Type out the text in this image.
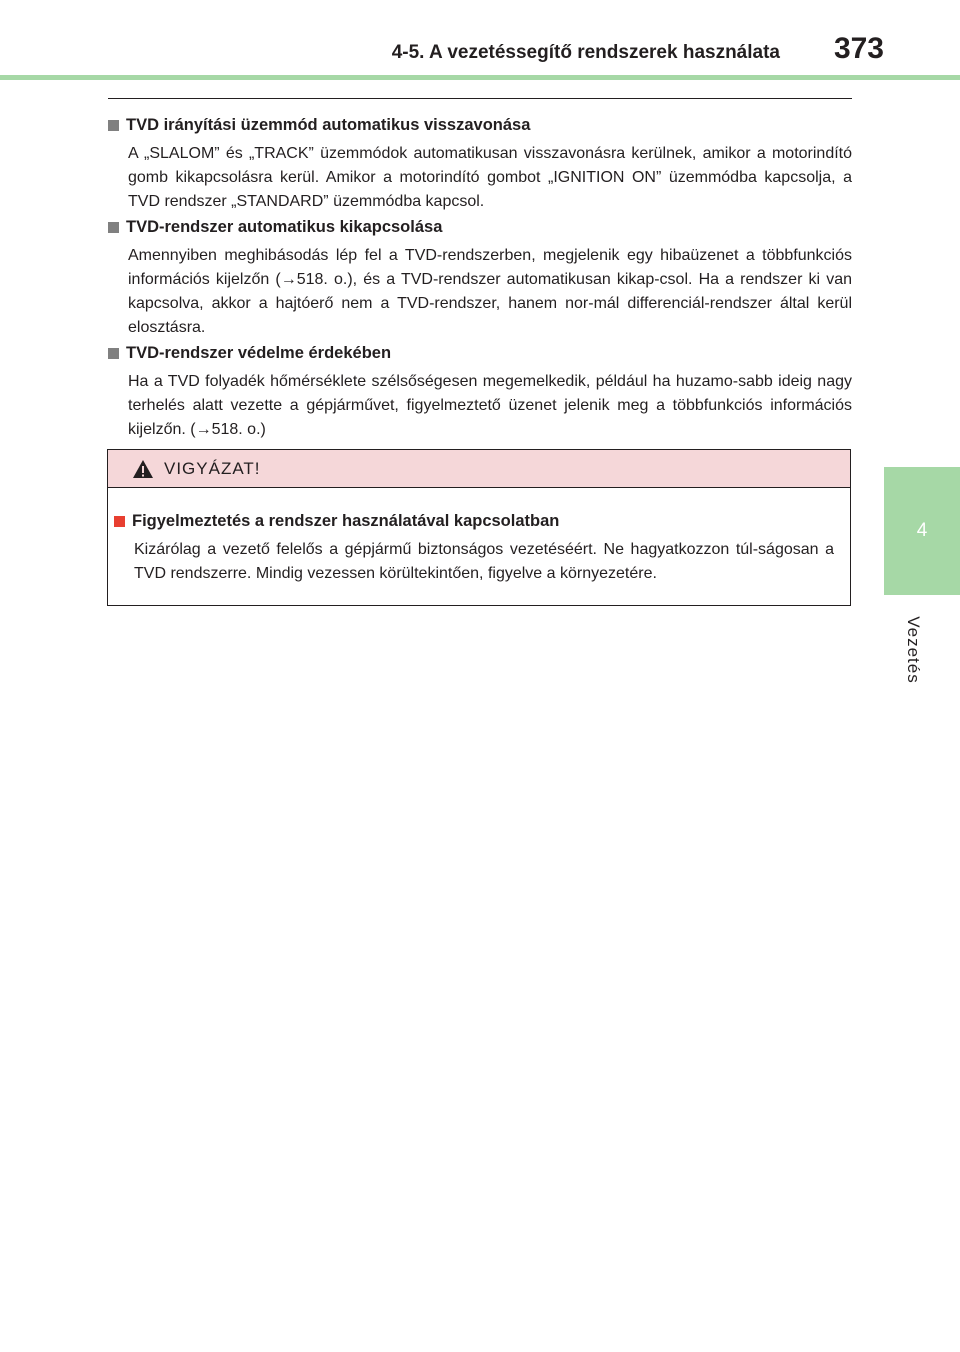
4-5. A vezetéssegítő rendszerek használata 373
4
Vezetés
TVD irányítási üzemmód automatikus visszavonása
A „SLALOM” és „TRACK” üzemmódok automatikusan visszavonásra kerülnek, amikor a motorindító gomb kikapcsolásra kerül. Amikor a motorindító gombot „IGNITION ON” üzemmódba kapcsolja, a TVD rendszer „STANDARD” üzemmódba kapcsol.
TVD-rendszer automatikus kikapcsolása
Amennyiben meghibásodás lép fel a TVD-rendszerben, megjelenik egy hibaüzenet a többfunkciós információs kijelzőn (→518. o.), és a TVD-rendszer automatikusan kikap-csol. Ha a rendszer ki van kapcsolva, akkor a hajtóerő nem a TVD-rendszer, hanem nor-mál differenciál-rendszer által kerül elosztásra.
TVD-rendszer védelme érdekében
Ha a TVD folyadék hőmérséklete szélsőségesen megemelkedik, például ha huzamo-sabb ideig nagy terhelés alatt vezette a gépjárművet, figyelmeztető üzenet jelenik meg a többfunkciós információs kijelzőn. (→518. o.)
VIGYÁZAT!
Figyelmeztetés a rendszer használatával kapcsolatban
Kizárólag a vezető felelős a gépjármű biztonságos vezetéséért. Ne hagyatkozzon túl-ságosan a TVD rendszerre. Mindig vezessen körültekintően, figyelve a környezetére.
